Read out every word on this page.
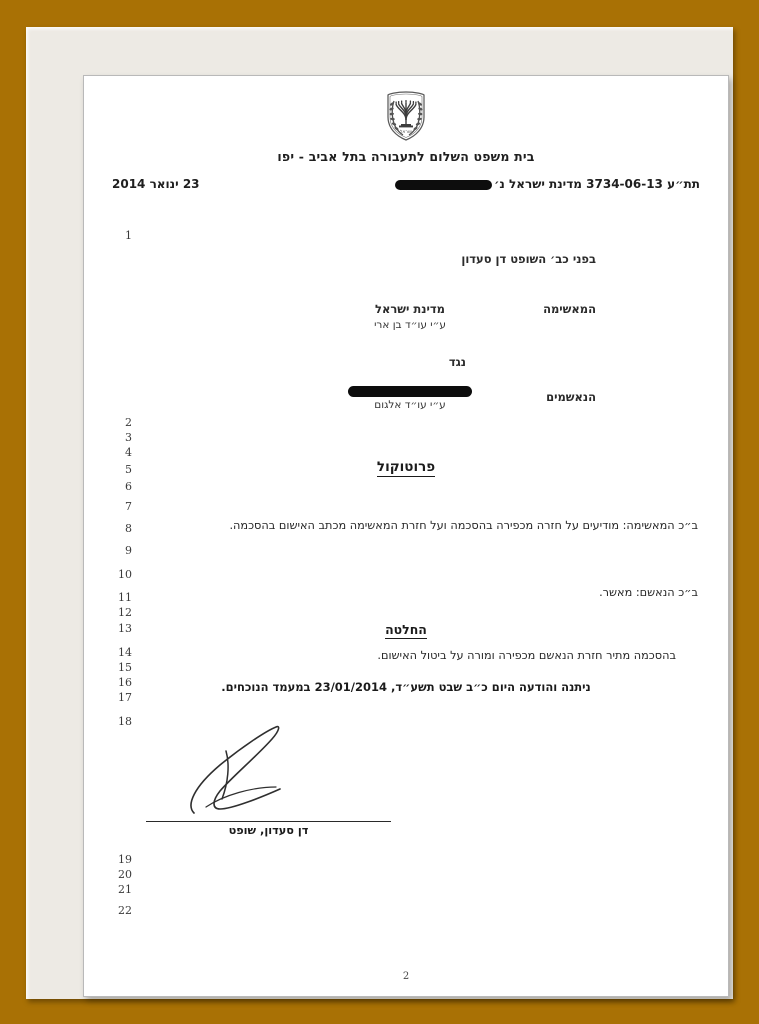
ישראל
בית משפט השלום לתעבורה בתל אביב - יפו
תת״ע 3734-06-13 מדינת ישראל נ׳
23 ינואר 2014
בפני כב׳ השופט דן סעדון
המאשימה
מדינת ישראל
ע״י עו״ד בן ארי
נגד
הנאשמים
ע״י עו״ד אלגום
פרוטוקול
ב״כ המאשימה: מודיעים על חזרה מכפירה בהסכמה ועל חזרת המאשימה מכתב האישום בהסכמה.
ב״כ הנאשם: מאשר.
החלטה
בהסכמה מתיר חזרת הנאשם מכפירה ומורה על ביטול האישום.
ניתנה והודעה היום כ״ב שבט תשע״ד, 23/01/2014 במעמד הנוכחים.
דן סעדון, שופט
1
2
3
4
5
6
7
8
9
10
11
12
13
14
15
16
17
18
19
20
21
22
2
